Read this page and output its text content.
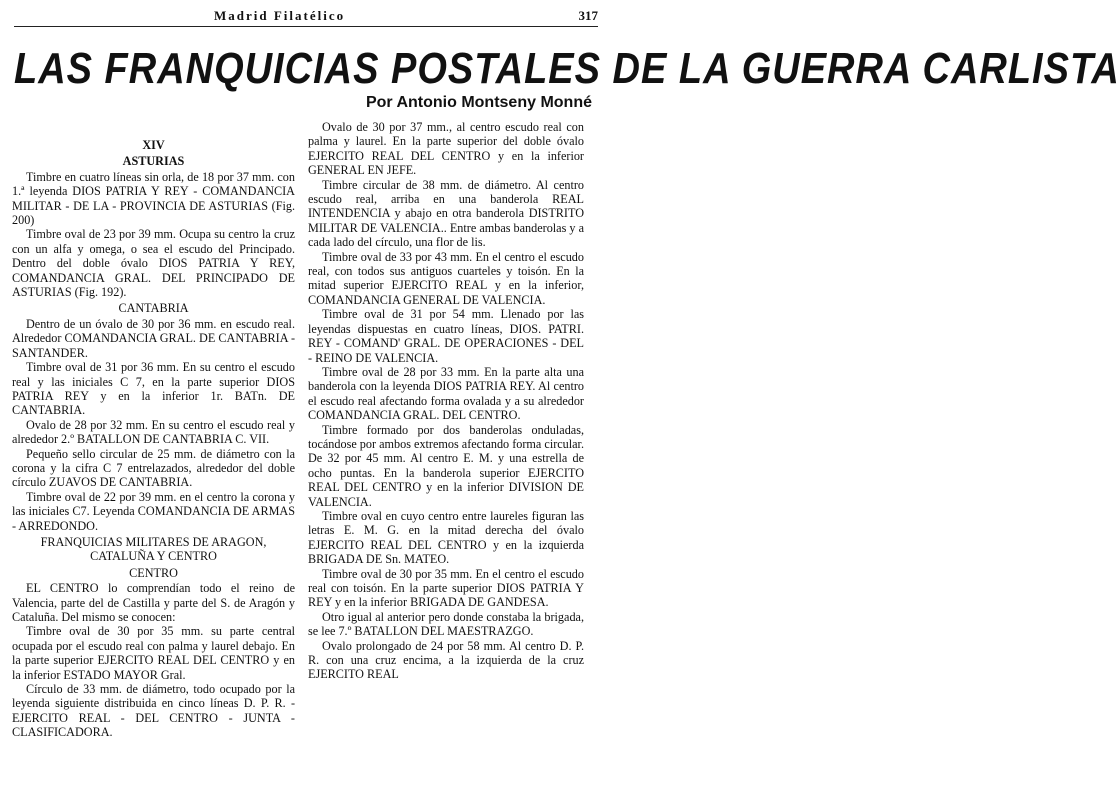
Madrid Filatélico	317
LAS FRANQUICIAS POSTALES DE LA GUERRA CARLISTA
Por Antonio Montseny Monné

XIV

ASTURIAS

Timbre en cuatro líneas sin orla, de 18 por 37 mm. con 1.ª leyenda DIOS PATRIA Y REY - COMANDANCIA MILITAR - DE LA - PROVINCIA DE ASTURIAS (Fig. 200)

Timbre oval de 23 por 39 mm. Ocupa su centro la cruz con un alfa y omega, o sea el escudo del Principado. Dentro del doble óvalo DIOS PATRIA Y REY, COMANDANCIA GRAL. DEL PRINCIPADO DE ASTURIAS (Fig. 192).

CANTABRIA

Dentro de un óvalo de 30 por 36 mm. en escudo real. Alrededor COMANDANCIA GRAL. DE CANTABRIA - SANTANDER.

Timbre oval de 31 por 36 mm. En su centro el escudo real y las iniciales C 7, en la parte superior DIOS PATRIA REY y en la inferior 1r. BATn. DE CANTABRIA.

Ovalo de 28 por 32 mm. En su centro el escudo real y alrededor 2.º BATALLON DE CANTABRIA C. VII.

Pequeño sello circular de 25 mm. de diámetro con la corona y la cifra C 7 entrelazados, alrededor del doble círculo ZUAVOS DE CANTABRIA.

Timbre oval de 22 por 39 mm. en el centro la corona y las iniciales C7. Leyenda COMANDANCIA DE ARMAS - ARREDONDO.

FRANQUICIAS MILITARES DE ARAGON, CATALUÑA Y CENTRO

CENTRO

EL CENTRO lo comprendían todo el reino de Valencia, parte del de Castilla y parte del S. de Aragón y Cataluña. Del mismo se conocen:

Timbre oval de 30 por 35 mm. su parte central ocupada por el escudo real con palma y laurel debajo. En la parte superior EJERCITO REAL DEL CENTRO y en la inferior ESTADO MAYOR Gral.

Círculo de 33 mm. de diámetro, todo ocupado por la leyenda siguiente distribuida en cinco líneas D. P. R. - EJERCITO REAL - DEL CENTRO - JUNTA - CLASIFICADORA.

Ovalo de 30 por 37 mm., al centro escudo real con palma y laurel. En la parte superior del doble óvalo EJERCITO REAL DEL CENTRO y en la inferior GENERAL EN JEFE.

Timbre circular de 38 mm. de diámetro. Al centro escudo real, arriba en una banderola REAL INTENDENCIA y abajo en otra banderola DISTRITO MILITAR DE VALENCIA.. Entre ambas banderolas y a cada lado del círculo, una flor de lis.

Timbre oval de 33 por 43 mm. En el centro el escudo real, con todos sus antiguos cuarteles y toisón. En la mitad superior EJERCITO REAL y en la inferior, COMANDANCIA GENERAL DE VALENCIA.

Timbre oval de 31 por 54 mm. Llenado por las leyendas dispuestas en cuatro líneas, DIOS. PATRI. REY - COMAND' GRAL. DE OPERACIONES - DEL - REINO DE VALENCIA.

Timbre oval de 28 por 33 mm. En la parte alta una banderola con la leyenda DIOS PATRIA REY. Al centro el escudo real afectando forma ovalada y a su alrededor COMANDANCIA GRAL. DEL CENTRO.

Timbre formado por dos banderolas onduladas, tocándose por ambos extremos afectando forma circular. De 32 por 45 mm. Al centro E. M. y una estrella de ocho puntas. En la banderola superior EJERCITO REAL DEL CENTRO y en la inferior DIVISION DE VALENCIA.

Timbre oval en cuyo centro entre laureles figuran las letras E. M. G. en la mitad derecha del óvalo EJERCITO REAL DEL CENTRO y en la izquierda BRIGADA DE Sn. MATEO.

Timbre oval de 30 por 35 mm. En el centro el escudo real con toisón. En la parte superior DIOS PATRIA Y REY y en la inferior BRIGADA DE GANDESA.

Otro igual al anterior pero donde constaba la brigada, se lee 7.º BATALLON DEL MAESTRAZGO.

Ovalo prolongado de 24 por 58 mm. Al centro D. P. R. con una cruz encima, a la izquierda de la cruz EJERCITO REAL
